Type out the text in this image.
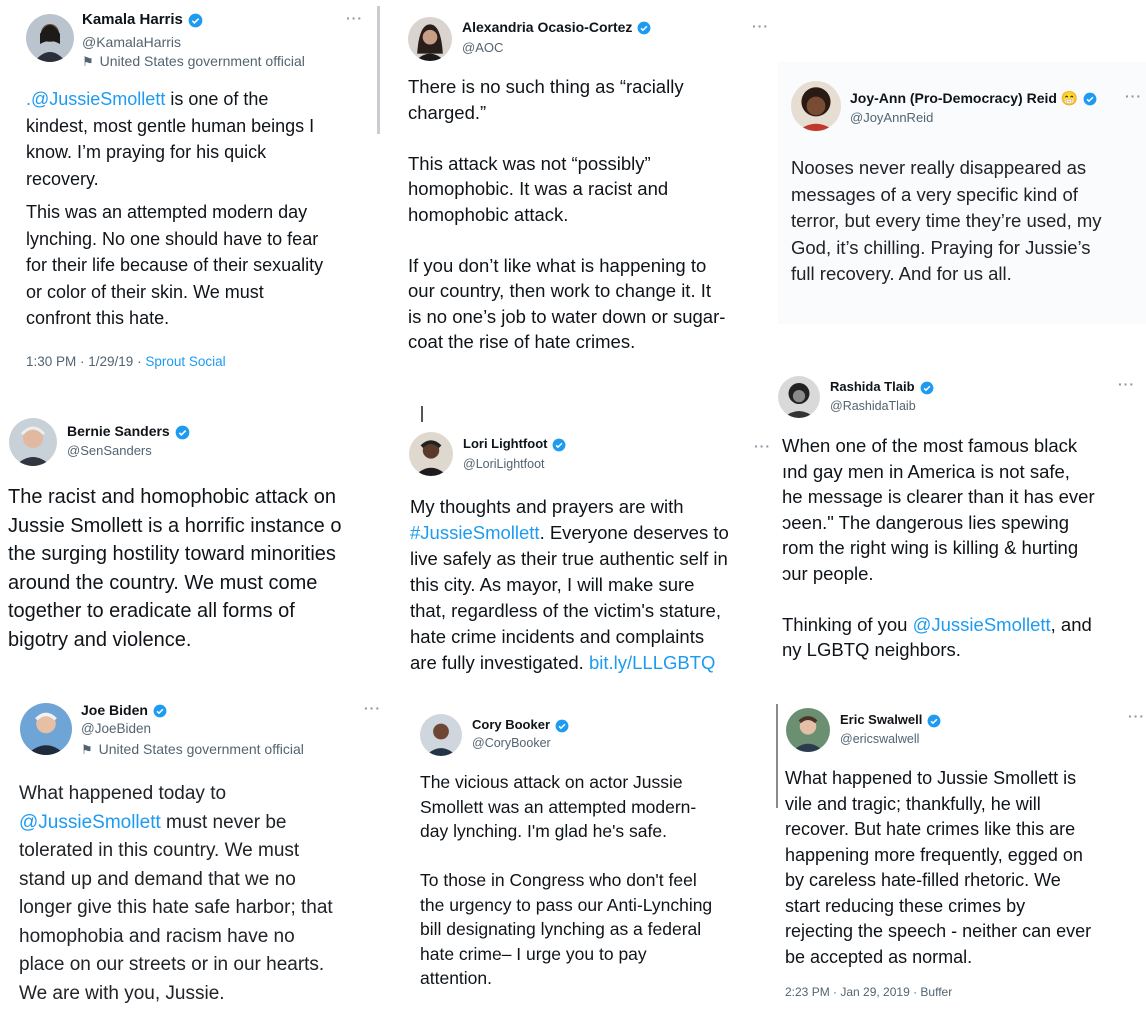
Kamala Harris
@KamalaHarris
⚑ United States government official
···
.@JussieSmollett is one of the
kindest, most gentle human beings I
know. I’m praying for his quick
recovery.
This was an attempted modern day
lynching. No one should have to fear
for their life because of their sexuality
or color of their skin. We must
confront this hate.
1:30 PM · 1/29/19 · Sprout Social
Alexandria Ocasio-Cortez
@AOC
···
There is no such thing as “racially
charged.”
This attack was not “possibly”
homophobic. It was a racist and
homophobic attack.
If you don’t like what is happening to
our country, then work to change it. It
is no one’s job to water down or sugar-
coat the rise of hate crimes.
Joy-Ann (Pro-Democracy) Reid 😁
@JoyAnnReid
···
Nooses never really disappeared as
messages of a very specific kind of
terror, but every time they’re used, my
God, it’s chilling. Praying for Jussie’s
full recovery. And for us all.
Bernie Sanders
@SenSanders
The racist and homophobic attack on
Jussie Smollett is a horrific instance o
the surging hostility toward minorities
around the country. We must come
together to eradicate all forms of
bigotry and violence.
Lori Lightfoot
@LoriLightfoot
···
My thoughts and prayers are with
#JussieSmollett. Everyone deserves to
live safely as their true authentic self in
this city. As mayor, I will make sure
that, regardless of the victim's stature,
hate crime incidents and complaints
are fully investigated. bit.ly/LLLGBTQ
Rashida Tlaib
@RashidaTlaib
···
When one of the most famous black
ınd gay men in America is not safe,
he message is clearer than it has ever
ɔeen." The dangerous lies spewing
rom the right wing is killing & hurting
ɔur people.
Thinking of you @JussieSmollett, and
ny LGBTQ neighbors.
Joe Biden
@JoeBiden
⚑ United States government official
···
What happened today to
@JussieSmollett must never be
tolerated in this country. We must
stand up and demand that we no
longer give this hate safe harbor; that
homophobia and racism have no
place on our streets or in our hearts.
We are with you, Jussie.
Cory Booker
@CoryBooker
The vicious attack on actor Jussie
Smollett was an attempted modern-
day lynching. I'm glad he's safe.
To those in Congress who don't feel
the urgency to pass our Anti-Lynching
bill designating lynching as a federal
hate crime– I urge you to pay
attention.
Eric Swalwell
@ericswalwell
···
What happened to Jussie Smollett is
vile and tragic; thankfully, he will
recover. But hate crimes like this are
happening more frequently, egged on
by careless hate-filled rhetoric. We
start reducing these crimes by
rejecting the speech - neither can ever
be accepted as normal.
2:23 PM · Jan 29, 2019 · Buffer
